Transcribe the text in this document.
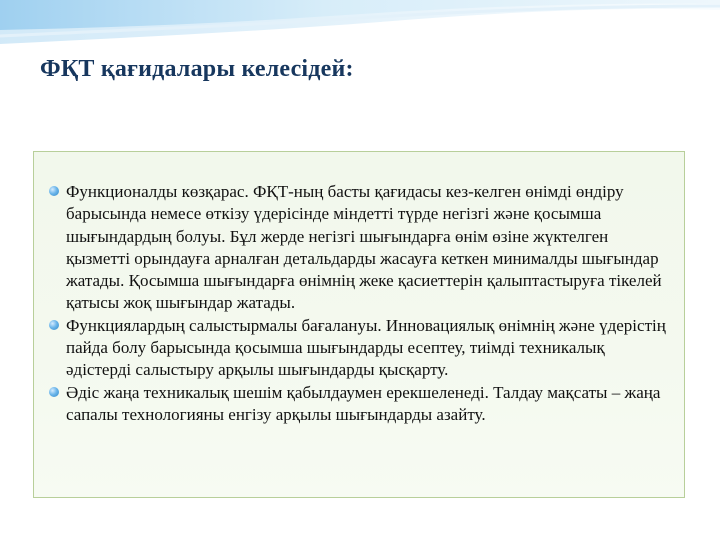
ФҚТ қағидалары келесідей:
Функционалды көзқарас. ФҚТ-ның басты қағидасы кез-келген өнімді өндіру барысында немесе өткізу үдерісінде міндетті түрде негізгі және қосымша шығындардың болуы. Бұл жерде негізгі шығындарға өнім өзіне жүктелген қызметті орындауға арналған детальдарды жасауға кеткен минималды шығындар жатады. Қосымша шығындарға өнімнің жеке қасиеттерін қалыптастыруға тікелей қатысы жоқ шығындар жатады.
Функциялардың салыстырмалы бағалануы. Инновациялық өнімнің және үдерістің пайда болу барысында қосымша шығындарды есептеу, тиімді техникалық әдістерді салыстыру арқылы шығындарды қысқарту.
Әдіс жаңа техникалық шешім қабылдаумен ерекшеленеді. Талдау мақсаты – жаңа сапалы технологияны енгізу арқылы шығындарды азайту.
